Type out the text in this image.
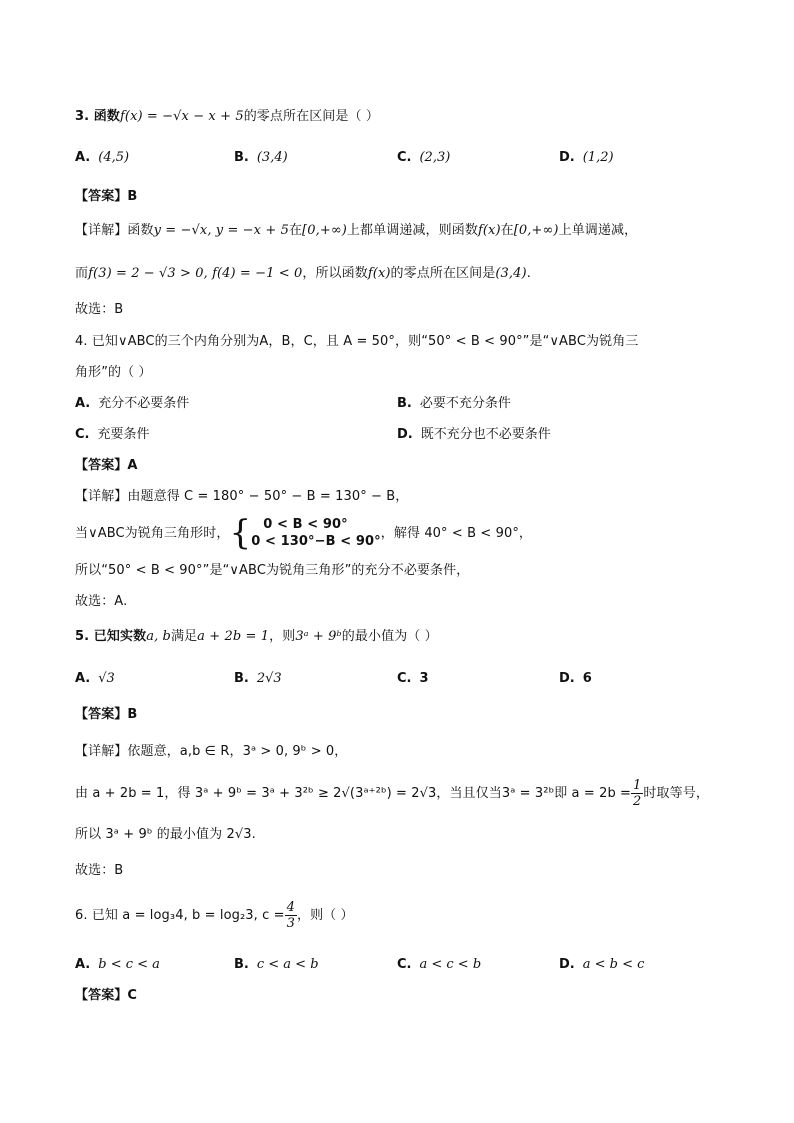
3. 函数f(x) = −√x − x + 5的零点所在区间是（ ）
A. (4,5)	B. (3,4)	C. (2,3)	D. (1,2)
【答案】B
【详解】函数y = −√x, y = −x + 5在[0,+∞)上都单调递减，则函数f(x)在[0,+∞)上单调递减，
而f(3) = 2 − √3 > 0, f(4) = −1 < 0，所以函数f(x)的零点所在区间是(3,4).
故选：B
4. 已知∨ABC的三个内角分别为A，B，C，且 A = 50°，则“50° < B < 90°”是“∨ABC为锐角三
角形”的（ ）
A. 充分不必要条件	B. 必要不充分条件
C. 充要条件	D. 既不充分也不必要条件
【答案】A
【详解】由题意得 C = 180° − 50° − B = 130° − B，
当∨ABC为锐角三角形时，{ 0 < B < 90°
0 < 130°−B < 90°
，解得 40° < B < 90°，
所以“50° < B < 90°”是“∨ABC为锐角三角形”的充分不必要条件，
故选：A.
5. 已知实数a, b满足a + 2b = 1，则3ᵃ + 9ᵇ的最小值为（ ）
A. √3	B. 2√3	C. 3	D. 6
【答案】B
【详解】依题意，a,b ∈ R，3ᵃ > 0, 9ᵇ > 0，
由 a + 2b = 1，得 3ᵃ + 9ᵇ = 3ᵃ + 3²ᵇ ≥ 2√(3ᵃ⁺²ᵇ) = 2√3，当且仅当3ᵃ = 3²ᵇ即 $a = 2b = \frac{1}{2}$ 时取等号，
所以 3ᵃ + 9ᵇ 的最小值为 2√3.
故选：B
6. 已知 a = log₃4, b = log₂3, $c = \frac{4}{3}$ ，则（ ）
A. b < c < a	B. c < a < b	C. a < c < b	D. a < b < c
【答案】C
